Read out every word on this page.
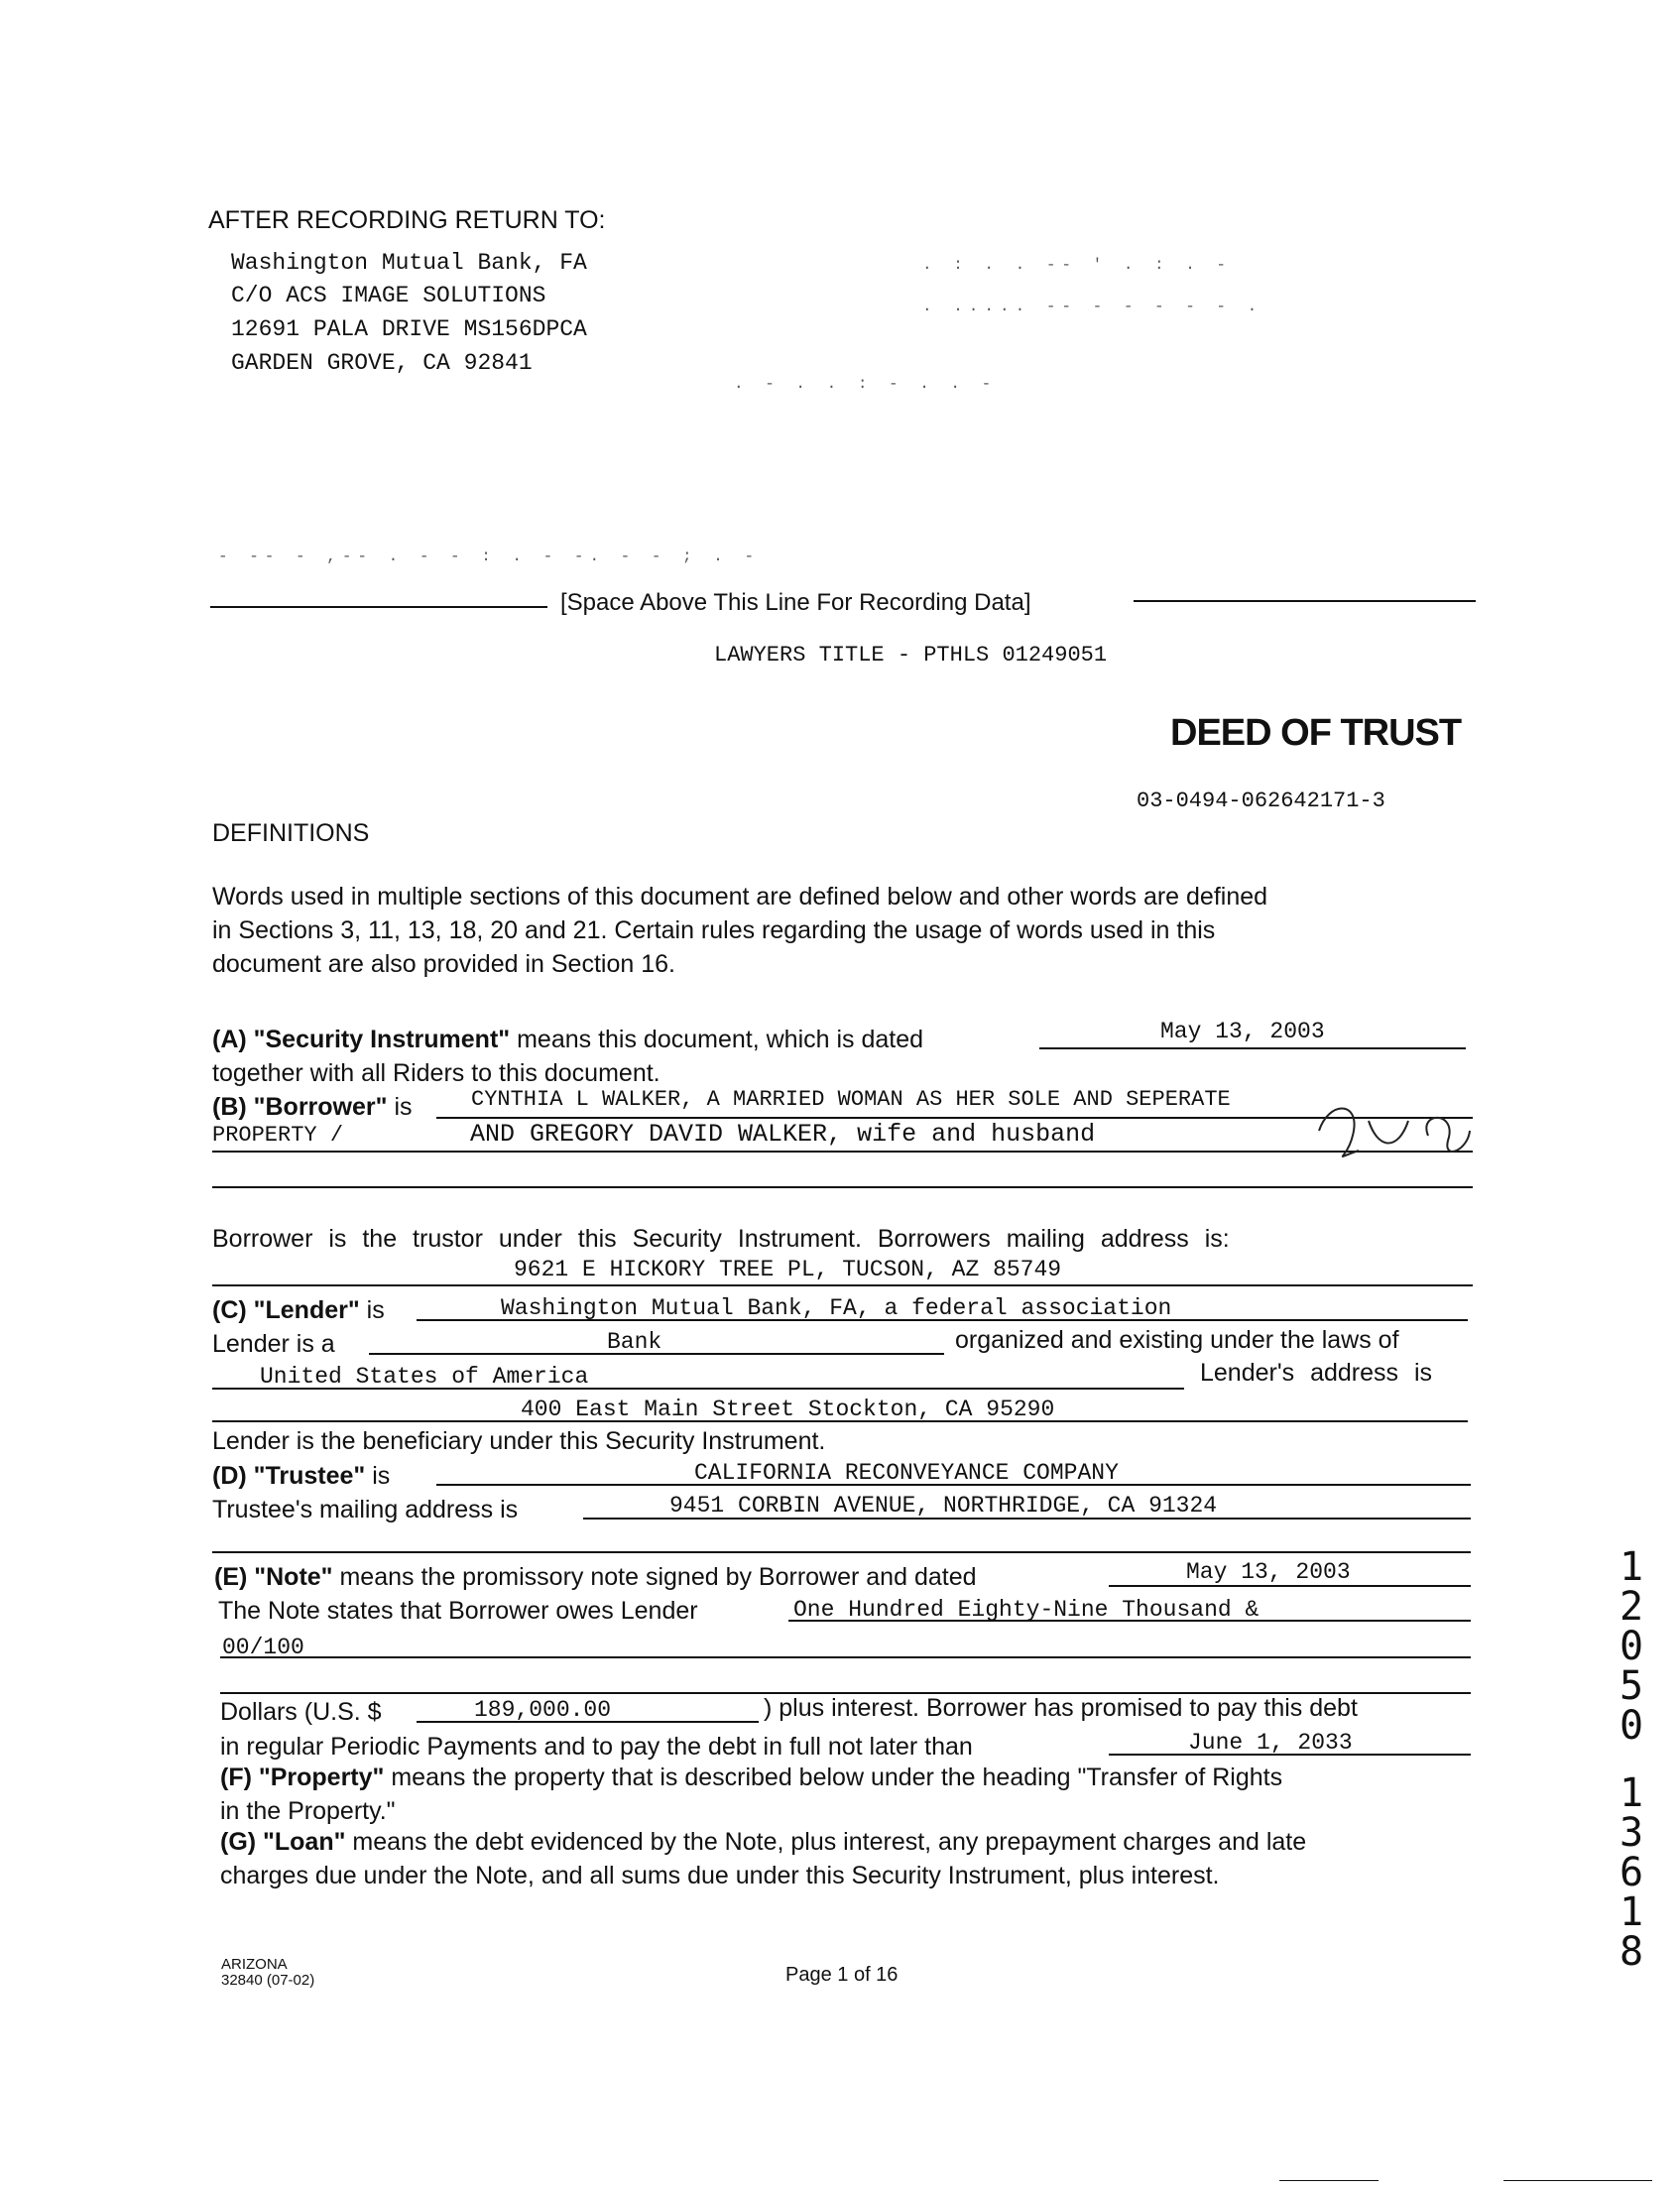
AFTER RECORDING RETURN TO:
Washington Mutual Bank, FA
C/O ACS IMAGE SOLUTIONS
12691 PALA DRIVE MS156DPCA
GARDEN GROVE, CA 92841
. : . . -- ' . : . -
. ..... -- - - - - - .
. - . . : - . . -
- -- - ,-- . - - : . - -. - - ; . -
[Space Above This Line For Recording Data]
LAWYERS TITLE - PTHLS 01249051
DEED OF TRUST
03-0494-062642171-3
DEFINITIONS
Words used in multiple sections of this document are defined below and other words are defined
in Sections 3, 11, 13, 18, 20 and 21. Certain rules regarding the usage of words used in this
document are also provided in Section 16.
(A) "Security Instrument" means this document, which is dated	May 13, 2003
together with all Riders to this document.
(B) "Borrower" is	CYNTHIA L WALKER, A MARRIED WOMAN AS HER SOLE AND SEPERATE
PROPERTY /	AND GREGORY DAVID WALKER, wife and husband
Borrower is the trustor under this Security Instrument. Borrowers mailing address is:
9621 E HICKORY TREE PL, TUCSON, AZ 85749
(C) "Lender" is	Washington Mutual Bank, FA, a federal association
Lender is a	Bank	organized and existing under the laws of
United States of America	Lender's address is
400 East Main Street Stockton, CA 95290
Lender is the beneficiary under this Security Instrument.
(D) "Trustee" is	CALIFORNIA RECONVEYANCE COMPANY
Trustee's mailing address is	9451 CORBIN AVENUE, NORTHRIDGE, CA 91324
(E) "Note" means the promissory note signed by Borrower and dated	May 13, 2003
The Note states that Borrower owes Lender	One Hundred Eighty-Nine Thousand &
00/100
Dollars (U.S. $	189,000.00	) plus interest. Borrower has promised to pay this debt
in regular Periodic Payments and to pay the debt in full not later than	June 1, 2033
(F) "Property" means the property that is described below under the heading "Transfer of Rights
in the Property."
(G) "Loan" means the debt evidenced by the Note, plus interest, any prepayment charges and late
charges due under the Note, and all sums due under this Security Instrument, plus interest.
ARIZONA
32840 (07-02)	Page 1 of 16
1
2
0
5
0
1
3
6
1
8
